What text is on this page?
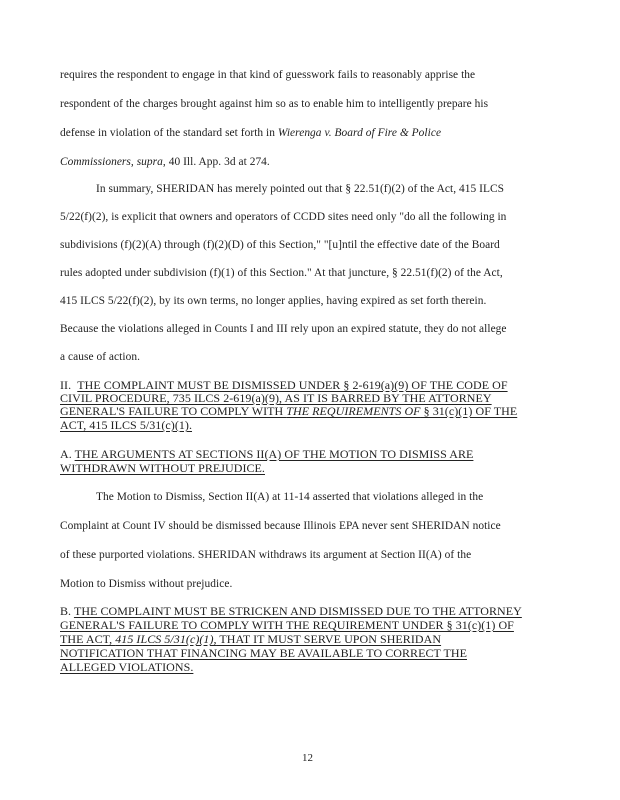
requires the respondent to engage in that kind of guesswork fails to reasonably apprise the
respondent of the charges brought against him so as to enable him to intelligently prepare his
defense in violation of the standard set forth in Wierenga v. Board of Fire & Police
Commissioners, supra, 40 Ill. App. 3d at 274.
In summary, SHERIDAN has merely pointed out that § 22.51(f)(2) of the Act, 415 ILCS
5/22(f)(2), is explicit that owners and operators of CCDD sites need only "do all the following in
subdivisions (f)(2)(A) through (f)(2)(D) of this Section," "[u]ntil the effective date of the Board
rules adopted under subdivision (f)(1) of this Section." At that juncture, § 22.51(f)(2) of the Act,
415 ILCS 5/22(f)(2), by its own terms, no longer applies, having expired as set forth therein.
Because the violations alleged in Counts I and III rely upon an expired statute, they do not allege
a cause of action.
II. THE COMPLAINT MUST BE DISMISSED UNDER § 2-619(a)(9) OF THE CODE OF
CIVIL PROCEDURE, 735 ILCS 2-619(a)(9), AS IT IS BARRED BY THE ATTORNEY
GENERAL'S FAILURE TO COMPLY WITH THE REQUIREMENTS OF § 31(c)(1) OF THE
ACT, 415 ILCS 5/31(c)(1).
A. THE ARGUMENTS AT SECTIONS II(A) OF THE MOTION TO DISMISS ARE
WITHDRAWN WITHOUT PREJUDICE.
The Motion to Dismiss, Section II(A) at 11-14 asserted that violations alleged in the
Complaint at Count IV should be dismissed because Illinois EPA never sent SHERIDAN notice
of these purported violations. SHERIDAN withdraws its argument at Section II(A) of the
Motion to Dismiss without prejudice.
B. THE COMPLAINT MUST BE STRICKEN AND DISMISSED DUE TO THE ATTORNEY
GENERAL'S FAILURE TO COMPLY WITH THE REQUIREMENT UNDER § 31(c)(1) OF
THE ACT, 415 ILCS 5/31(c)(1), THAT IT MUST SERVE UPON SHERIDAN
NOTIFICATION THAT FINANCING MAY BE AVAILABLE TO CORRECT THE
ALLEGED VIOLATIONS.
12
